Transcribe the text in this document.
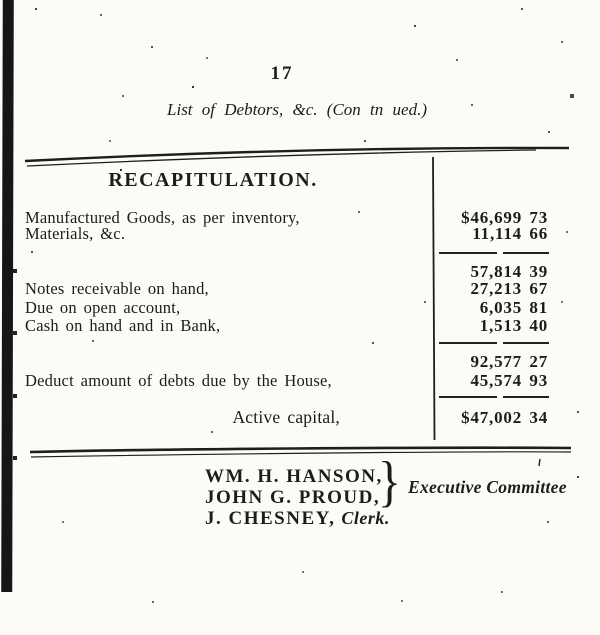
17
List of Debtors, &c. (Con tn ued.)
RECAPITULATION.
Manufactured Goods, as per inventory,	$46,699 73
Materials, &c.	11,114 66
57,814 39
Notes receivable on hand,	27,213 67
Due on open account,	6,035 81
Cash on hand and in Bank,	1,513 40
92,577 27
Deduct amount of debts due by the House,	45,574 93
Active capital,	$47,002 34
WM. H. HANSON,
JOHN G. PROUD,
} Executive Committee
J. CHESNEY, Clerk.
